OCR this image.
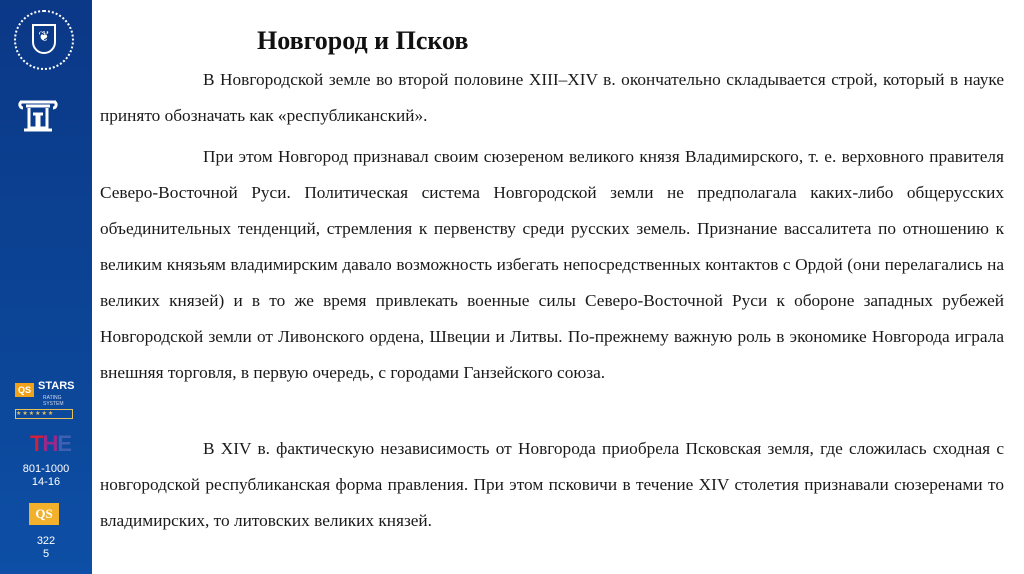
❦
QS $^{STARS}$
RATING SYSTEM
★★★★★★
THE
801-1000
14-16
QS
322
5
Новгород и Псков

В Новгородской земле во второй половине XIII–XIV в. окончательно складывается строй, который в науке принято обозначать как «республиканский».

При этом Новгород признавал своим сюзереном великого князя Владимирского, т. е. верховного правителя Северо-Восточной Руси. Политическая система Новгородской земли не предполагала каких-либо общерусских объединительных тенденций, стремления к первенству среди русских земель. Признание вассалитета по отношению к великим князьям владимирским давало возможность избегать непосредственных контактов с Ордой (они перелагались на великих князей) и в то же время привлекать военные силы Северо-Восточной Руси к обороне западных рубежей Новгородской земли от Ливонского ордена, Швеции и Литвы. По-прежнему важную роль в экономике Новгорода играла внешняя торговля, в первую очередь, с городами Ганзейского союза.

В XIV в. фактическую независимость от Новгорода приобрела Псковская земля, где сложилась сходная с новгородской республиканская форма правления. При этом псковичи в течение XIV столетия признавали сюзеренами то владимирских, то литовских великих князей.
